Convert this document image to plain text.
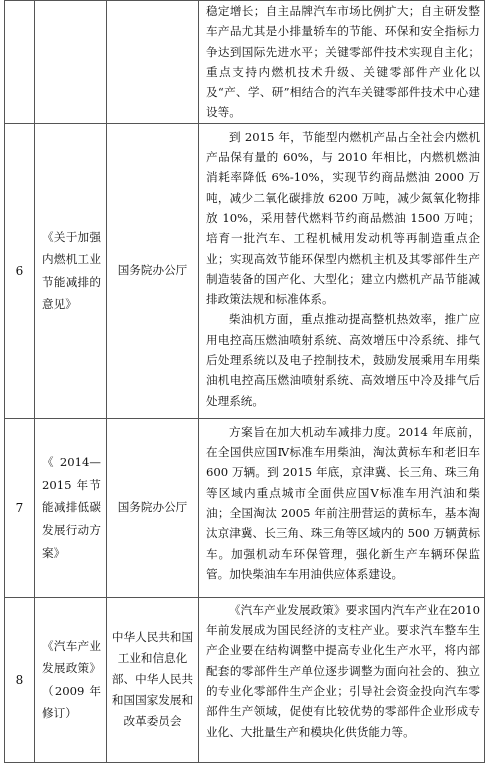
			稳定增长；自主品牌汽车市场比例扩大；自主研发整车产品尤其是小排量轿车的节能、环保和安全指标力争达到国际先进水平；关键零部件技术实现自主化；重点支持内燃机技术升级、关键零部件产业化以及“产、学、研”相结合的汽车关键零部件技术中心建设等。

6	《关于加强内燃机工业节能减排的意见》	国务院办公厅	到 2015 年，节能型内燃机产品占全社会内燃机产品保有量的 60%，与 2010 年相比，内燃机燃油消耗率降低 6%-10%，实现节约商品燃油 2000 万吨，减少二氧化碳排放 6200 万吨，减少氮氧化物排放 10%，采用替代燃料节约商品燃油 1500 万吨；培育一批汽车、工程机械用发动机等再制造重点企业；实现高效节能环保型内燃机主机及其零部件生产制造装备的国产化、大型化；建立内燃机产品节能减排政策法规和标准体系。

柴油机方面，重点推动提高整机热效率，推广应用电控高压燃油喷射系统、高效增压中冷系统、排气后处理系统以及电子控制技术，鼓励发展乘用车用柴油机电控高压燃油喷射系统、高效增压中冷及排气后处理系统。

7	《2014—2015 年节能减排低碳发展行动方案》	国务院办公厅	方案旨在加大机动车减排力度。2014 年底前，在全国供应国Ⅳ标准车用柴油，淘汰黄标车和老旧车 600 万辆。到 2015 年底，京津冀、长三角、珠三角等区域内重点城市全面供应国Ⅴ标准车用汽油和柴油；全国淘汰 2005 年前注册营运的黄标车，基本淘汰京津冀、长三角、珠三角等区域内的 500 万辆黄标车。加强机动车环保管理，强化新生产车辆环保监管。加快柴油车车用油供应体系建设。

8	《汽车产业发展政策》（2009 年修订）	中华人民共和国工业和信息化部、中华人民共和国国家发展和改革委员会	《汽车产业发展政策》要求国内汽车产业在2010年前发展成为国民经济的支柱产业。要求汽车整车生产企业要在结构调整中提高专业化生产水平，将内部配套的零部件生产单位逐步调整为面向社会的、独立的专业化零部件生产企业；引导社会资金投向汽车零部件生产领域，促使有比较优势的零部件企业形成专业化、大批量生产和模块化供货能力等。
